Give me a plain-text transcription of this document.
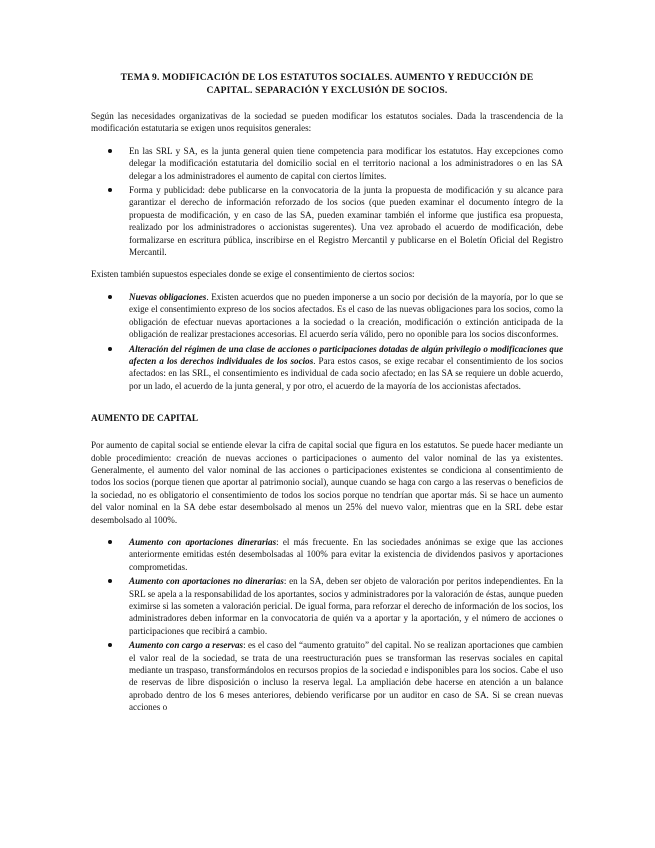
TEMA 9. MODIFICACIÓN DE LOS ESTATUTOS SOCIALES. AUMENTO Y REDUCCIÓN DE CAPITAL. SEPARACIÓN Y EXCLUSIÓN DE SOCIOS.

Según las necesidades organizativas de la sociedad se pueden modificar los estatutos sociales. Dada la trascendencia de la modificación estatutaria se exigen unos requisitos generales:

En las SRL y SA, es la junta general quien tiene competencia para modificar los estatutos. Hay excepciones como delegar la modificación estatutaria del domicilio social en el territorio nacional a los administradores o en las SA delegar a los administradores el aumento de capital con ciertos límites.
Forma y publicidad: debe publicarse en la convocatoria de la junta la propuesta de modificación y su alcance para garantizar el derecho de información reforzado de los socios (que pueden examinar el documento íntegro de la propuesta de modificación, y en caso de las SA, pueden examinar también el informe que justifica esa propuesta, realizado por los administradores o accionistas sugerentes). Una vez aprobado el acuerdo de modificación, debe formalizarse en escritura pública, inscribirse en el Registro Mercantil y publicarse en el Boletín Oficial del Registro Mercantil.

Existen también supuestos especiales donde se exige el consentimiento de ciertos socios:

Nuevas obligaciones. Existen acuerdos que no pueden imponerse a un socio por decisión de la mayoría, por lo que se exige el consentimiento expreso de los socios afectados. Es el caso de las nuevas obligaciones para los socios, como la obligación de efectuar nuevas aportaciones a la sociedad o la creación, modificación o extinción anticipada de la obligación de realizar prestaciones accesorias. El acuerdo sería válido, pero no oponible para los socios disconformes.
Alteración del régimen de una clase de acciones o participaciones dotadas de algún privilegio o modificaciones que afecten a los derechos individuales de los socios. Para estos casos, se exige recabar el consentimiento de los socios afectados: en las SRL, el consentimiento es individual de cada socio afectado; en las SA se requiere un doble acuerdo, por un lado, el acuerdo de la junta general, y por otro, el acuerdo de la mayoría de los accionistas afectados.
AUMENTO DE CAPITAL

Por aumento de capital social se entiende elevar la cifra de capital social que figura en los estatutos. Se puede hacer mediante un doble procedimiento: creación de nuevas acciones o participaciones o aumento del valor nominal de las ya existentes. Generalmente, el aumento del valor nominal de las acciones o participaciones existentes se condiciona al consentimiento de todos los socios (porque tienen que aportar al patrimonio social), aunque cuando se haga con cargo a las reservas o beneficios de la sociedad, no es obligatorio el consentimiento de todos los socios porque no tendrían que aportar más. Si se hace un aumento del valor nominal en la SA debe estar desembolsado al menos un 25% del nuevo valor, mientras que en la SRL debe estar desembolsado al 100%.

Aumento con aportaciones dinerarias: el más frecuente. En las sociedades anónimas se exige que las acciones anteriormente emitidas estén desembolsadas al 100% para evitar la existencia de dividendos pasivos y aportaciones comprometidas.
Aumento con aportaciones no dinerarias: en la SA, deben ser objeto de valoración por peritos independientes. En la SRL se apela a la responsabilidad de los aportantes, socios y administradores por la valoración de éstas, aunque pueden eximirse si las someten a valoración pericial. De igual forma, para reforzar el derecho de información de los socios, los administradores deben informar en la convocatoria de quién va a aportar y la aportación, y el número de acciones o participaciones que recibirá a cambio.
Aumento con cargo a reservas: es el caso del “aumento gratuito” del capital. No se realizan aportaciones que cambien el valor real de la sociedad, se trata de una reestructuración pues se transforman las reservas sociales en capital mediante un traspaso, transformándolos en recursos propios de la sociedad e indisponibles para los socios. Cabe el uso de reservas de libre disposición o incluso la reserva legal. La ampliación debe hacerse en atención a un balance aprobado dentro de los 6 meses anteriores, debiendo verificarse por un auditor en caso de SA. Si se crean nuevas acciones o
